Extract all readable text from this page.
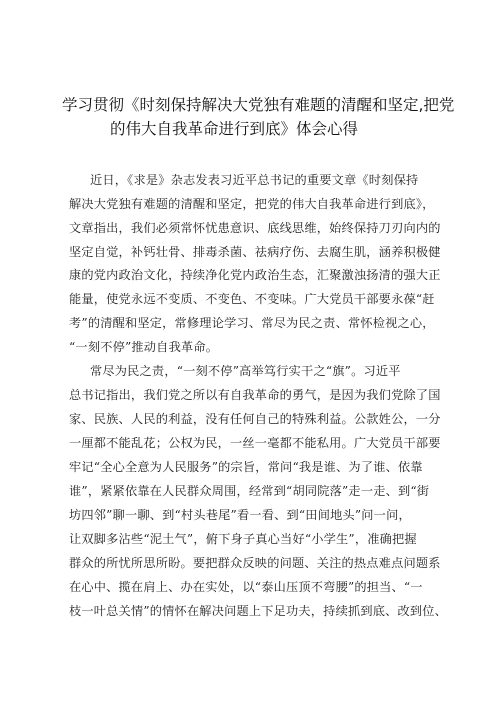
学习贯彻《时刻保持解决大党独有难题的清醒和坚定,把党
的伟大自我革命进行到底》体会心得
近日，《求是》杂志发表习近平总书记的重要文章《时刻保持
解决大党独有难题的清醒和坚定，把党的伟大自我革命进行到底》，
文章指出，我们必须常怀忧患意识、底线思维，始终保持刀刃向内的
坚定自觉，补钙壮骨、排毒杀菌、祛病疗伤、去腐生肌，涵养积极健
康的党内政治文化，持续净化党内政治生态，汇聚激浊扬清的强大正
能量，使党永远不变质、不变色、不变味。广大党员干部要永葆“赶
考”的清醒和坚定，常修理论学习、常尽为民之责、常怀检视之心，
“一刻不停”推动自我革命。
常尽为民之责，“一刻不停”高举笃行实干之“旗”。习近平
总书记指出，我们党之所以有自我革命的勇气，是因为我们党除了国
家、民族、人民的利益，没有任何自己的特殊利益。公款姓公，一分
一厘都不能乱花；公权为民，一丝一毫都不能私用。广大党员干部要
牢记“全心全意为人民服务”的宗旨，常问“我是谁、为了谁、依靠
谁”，紧紧依靠在人民群众周围，经常到“胡同院落”走一走、到“街
坊四邻”聊一聊、到“村头巷尾”看一看、到“田间地头”问一问，
让双脚多沾些“泥土气”，俯下身子真心当好“小学生”，准确把握
群众的所忧所思所盼。要把群众反映的问题、关注的热点难点问题系
在心中、揽在肩上、办在实处，以“泰山压顶不弯腰”的担当、“一
枝一叶总关情”的情怀在解决问题上下足功夫，持续抓到底、改到位、
